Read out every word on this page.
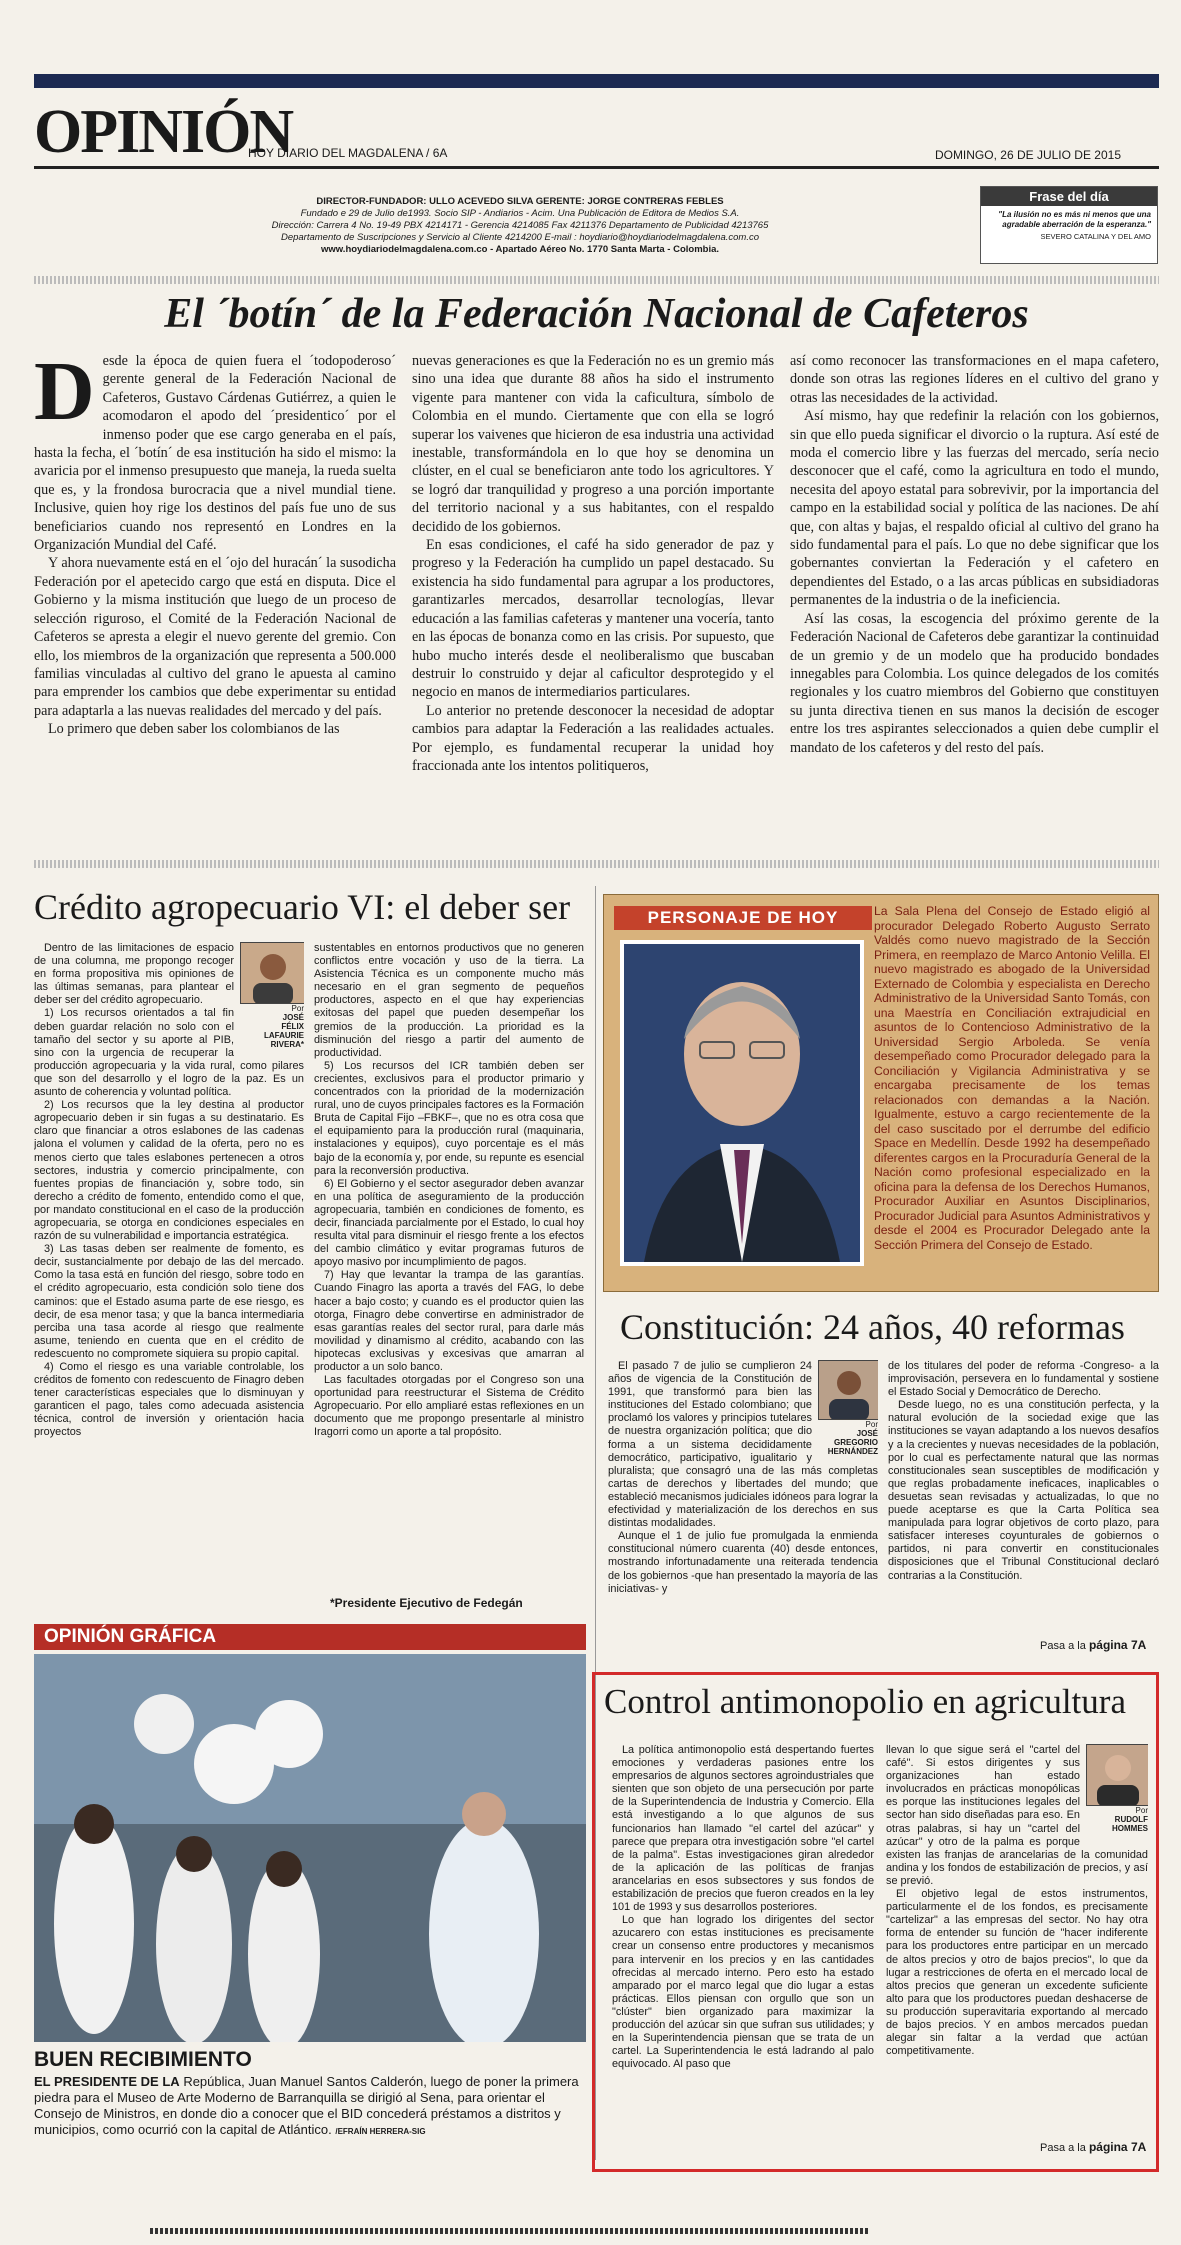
OPINIÓN
HOY DIARIO DEL MAGDALENA / 6A	DOMINGO, 26 DE JULIO DE 2015
DIRECTOR-FUNDADOR: ULLO ACEVEDO SILVA GERENTE: JORGE CONTRERAS FEBLES
Fundado e 29 de Julio de1993. Socio SIP - Andiarios - Acim. Una Publicación de Editora de Medios S.A.
Dirección: Carrera 4 No. 19-49 PBX 4214171 - Gerencia 4214085 Fax 4211376 Departamento de Publicidad 4213765
Departamento de Suscripciones y Servicio al Cliente 4214200 E-mail : hoydiario@hoydiariodelmagdalena.com.co
www.hoydiariodelmagdalena.com.co - Apartado Aéreo No. 1770 Santa Marta - Colombia.
Frase del día
"La ilusión no es más ni menos que una agradable aberración de la esperanza."
SEVERO CATALINA Y DEL AMO
El ´botín´ de la Federación Nacional de Cafeteros

Desde la época de quien fuera el ´todopoderoso´ gerente general de la Federación Nacional de Cafeteros, Gustavo Cárdenas Gutiérrez, a quien le acomodaron el apodo del ´presidentico´ por el inmenso poder que ese cargo generaba en el país, hasta la fecha, el ´botín´ de esa institución ha sido el mismo: la avaricia por el inmenso presupuesto que maneja, la rueda suelta que es, y la frondosa burocracia que a nivel mundial tiene. Inclusive, quien hoy rige los destinos del país fue uno de sus beneficiarios cuando nos representó en Londres en la Organización Mundial del Café.

Y ahora nuevamente está en el ´ojo del huracán´ la susodicha Federación por el apetecido cargo que está en disputa. Dice el Gobierno y la misma institución que luego de un proceso de selección riguroso, el Comité de la Federación Nacional de Cafeteros se apresta a elegir el nuevo gerente del gremio. Con ello, los miembros de la organización que representa a 500.000 familias vinculadas al cultivo del grano le apuesta al camino para emprender los cambios que debe experimentar su entidad para adaptarla a las nuevas realidades del mercado y del país.

Lo primero que deben saber los colombianos de las

nuevas generaciones es que la Federación no es un gremio más sino una idea que durante 88 años ha sido el instrumento vigente para mantener con vida la caficultura, símbolo de Colombia en el mundo. Ciertamente que con ella se logró superar los vaivenes que hicieron de esa industria una actividad inestable, transformándola en lo que hoy se denomina un clúster, en el cual se beneficiaron ante todo los agricultores. Y se logró dar tranquilidad y progreso a una porción importante del territorio nacional y a sus habitantes, con el respaldo decidido de los gobiernos.

En esas condiciones, el café ha sido generador de paz y progreso y la Federación ha cumplido un papel destacado. Su existencia ha sido fundamental para agrupar a los productores, garantizarles mercados, desarrollar tecnologías, llevar educación a las familias cafeteras y mantener una vocería, tanto en las épocas de bonanza como en las crisis. Por supuesto, que hubo mucho interés desde el neoliberalismo que buscaban destruir lo construido y dejar al caficultor desprotegido y el negocio en manos de intermediarios particulares.

Lo anterior no pretende desconocer la necesidad de adoptar cambios para adaptar la Federación a las realidades actuales. Por ejemplo, es fundamental recuperar la unidad hoy fraccionada ante los intentos politiqueros,

así como reconocer las transformaciones en el mapa cafetero, donde son otras las regiones líderes en el cultivo del grano y otras las necesidades de la actividad.

Así mismo, hay que redefinir la relación con los gobiernos, sin que ello pueda significar el divorcio o la ruptura. Así esté de moda el comercio libre y las fuerzas del mercado, sería necio desconocer que el café, como la agricultura en todo el mundo, necesita del apoyo estatal para sobrevivir, por la importancia del campo en la estabilidad social y política de las naciones. De ahí que, con altas y bajas, el respaldo oficial al cultivo del grano ha sido fundamental para el país. Lo que no debe significar que los gobernantes conviertan la Federación y el cafetero en dependientes del Estado, o a las arcas públicas en subsidiadoras permanentes de la industria o de la ineficiencia.

Así las cosas, la escogencia del próximo gerente de la Federación Nacional de Cafeteros debe garantizar la continuidad de un gremio y de un modelo que ha producido bondades innegables para Colombia. Los quince delegados de los comités regionales y los cuatro miembros del Gobierno que constituyen su junta directiva tienen en sus manos la decisión de escoger entre los tres aspirantes seleccionados a quien debe cumplir el mandato de los cafeteros y del resto del país.

Crédito agropecuario VI: el deber ser
Por
JOSÉ
FÉLIX
LAFAURIE
RIVERA*

Dentro de las limitaciones de espacio de una columna, me propongo recoger en forma propositiva mis opiniones de las últimas semanas, para plantear el deber ser del crédito agropecuario.

1) Los recursos orientados a tal fin deben guardar relación no solo con el tamaño del sector y su aporte al PIB, sino con la urgencia de recuperar la producción agropecuaria y la vida rural, como pilares que son del desarrollo y el logro de la paz. Es un asunto de coherencia y voluntad política.

2) Los recursos que la ley destina al productor agropecuario deben ir sin fugas a su destinatario. Es claro que financiar a otros eslabones de las cadenas jalona el volumen y calidad de la oferta, pero no es menos cierto que tales eslabones pertenecen a otros sectores, industria y comercio principalmente, con fuentes propias de financiación y, sobre todo, sin derecho a crédito de fomento, entendido como el que, por mandato constitucional en el caso de la producción agropecuaria, se otorga en condiciones especiales en razón de su vulnerabilidad e importancia estratégica.

3) Las tasas deben ser realmente de fomento, es decir, sustancialmente por debajo de las del mercado. Como la tasa está en función del riesgo, sobre todo en el crédito agropecuario, esta condición solo tiene dos caminos: que el Estado asuma parte de ese riesgo, es decir, de esa menor tasa; y que la banca intermediaria perciba una tasa acorde al riesgo que realmente asume, teniendo en cuenta que en el crédito de redescuento no compromete siquiera su propio capital.

4) Como el riesgo es una variable controlable, los créditos de fomento con redescuento de Finagro deben tener características especiales que lo disminuyan y garanticen el pago, tales como adecuada asistencia técnica, control de inversión y orientación hacia proyectos

sustentables en entornos productivos que no generen conflictos entre vocación y uso de la tierra. La Asistencia Técnica es un componente mucho más necesario en el gran segmento de pequeños productores, aspecto en el que hay experiencias exitosas del papel que pueden desempeñar los gremios de la producción. La prioridad es la disminución del riesgo a partir del aumento de productividad.

5) Los recursos del ICR también deben ser crecientes, exclusivos para el productor primario y concentrados con la prioridad de la modernización rural, uno de cuyos principales factores es la Formación Bruta de Capital Fijo –FBKF–, que no es otra cosa que el equipamiento para la producción rural (maquinaria, instalaciones y equipos), cuyo porcentaje es el más bajo de la economía y, por ende, su repunte es esencial para la reconversión productiva.

6) El Gobierno y el sector asegurador deben avanzar en una política de aseguramiento de la producción agropecuaria, también en condiciones de fomento, es decir, financiada parcialmente por el Estado, lo cual hoy resulta vital para disminuir el riesgo frente a los efectos del cambio climático y evitar programas futuros de apoyo masivo por incumplimiento de pagos.

7) Hay que levantar la trampa de las garantías. Cuando Finagro las aporta a través del FAG, lo debe hacer a bajo costo; y cuando es el productor quien las otorga, Finagro debe convertirse en administrador de esas garantías reales del sector rural, para darle más movilidad y dinamismo al crédito, acabando con las hipotecas exclusivas y excesivas que amarran al productor a un solo banco.

Las facultades otorgadas por el Congreso son una oportunidad para reestructurar el Sistema de Crédito Agropecuario. Por ello ampliaré estas reflexiones en un documento que me propongo presentarle al ministro Iragorri como un aporte a tal propósito.

*Presidente Ejecutivo de Fedegán
PERSONAJE DE HOY	La Sala Plena del Consejo de Estado eligió al procurador Delegado Roberto Augusto Serrato Valdés como nuevo magistrado de la Sección Primera, en reemplazo de Marco Antonio Velilla. El nuevo magistrado es abogado de la Universidad Externado de Colombia y especialista en Derecho Administrativo de la Universidad Santo Tomás, con una Maestría en Conciliación extrajudicial en asuntos de lo Contencioso Administrativo de la Universidad Sergio Arboleda. Se venía desempeñado como Procurador delegado para la Conciliación y Vigilancia Administrativa y se encargaba precisamente de los temas relacionados con demandas a la Nación. Igualmente, estuvo a cargo recientemente de la del caso suscitado por el derrumbe del edificio Space en Medellín. Desde 1992 ha desempeñado diferentes cargos en la Procuraduría General de la Nación como profesional especializado en la oficina para la defensa de los Derechos Humanos, Procurador Auxiliar en Asuntos Disciplinarios, Procurador Judicial para Asuntos Administrativos y desde el 2004 es Procurador Delegado ante la Sección Primera del Consejo de Estado.
Constitución: 24 años, 40 reformas
Por
JOSÉ
GREGORIO
HERNÁNDEZ

El pasado 7 de julio se cumplieron 24 años de vigencia de la Constitución de 1991, que transformó para bien las instituciones del Estado colombiano; que proclamó los valores y principios tutelares de nuestra organización política; que dio forma a un sistema decididamente democrático, participativo, igualitario y pluralista; que consagró una de las más completas cartas de derechos y libertades del mundo; que estableció mecanismos judiciales idóneos para lograr la efectividad y materialización de los derechos en sus distintas modalidades.

Aunque el 1 de julio fue promulgada la enmienda constitucional número cuarenta (40) desde entonces, mostrando infortunadamente una reiterada tendencia de los gobiernos -que han presentado la mayoría de las iniciativas- y

de los titulares del poder de reforma -Congreso- a la improvisación, persevera en lo fundamental y sostiene el Estado Social y Democrático de Derecho.

Desde luego, no es una constitución perfecta, y la natural evolución de la sociedad exige que las instituciones se vayan adaptando a los nuevos desafíos y a la crecientes y nuevas necesidades de la población, por lo cual es perfectamente natural que las normas constitucionales sean susceptibles de modificación y que reglas probadamente ineficaces, inaplicables o desuetas sean revisadas y actualizadas, lo que no puede aceptarse es que la Carta Política sea manipulada para lograr objetivos de corto plazo, para satisfacer intereses coyunturales de gobiernos o partidos, ni para convertir en constitucionales disposiciones que el Tribunal Constitucional declaró contrarias a la Constitución.

Pasa a la página 7A
OPINIÓN GRÁFICA
BUEN RECIBIMIENTO
EL PRESIDENTE DE LA República, Juan Manuel Santos Calderón, luego de poner la primera piedra para el Museo de Arte Moderno de Barranquilla se dirigió al Sena, para orientar el Consejo de Ministros, en donde dio a conocer que el BID concederá préstamos a distritos y municipios, como ocurrió con la capital de Atlántico. /EFRAÍN HERRERA-SIG
Control antimonopolio en agricultura

La política antimonopolio está despertando fuertes emociones y verdaderas pasiones entre los empresarios de algunos sectores agroindustriales que sienten que son objeto de una persecución por parte de la Superintendencia de Industria y Comercio. Ella está investigando a lo que algunos de sus funcionarios han llamado "el cartel del azúcar" y parece que prepara otra investigación sobre "el cartel de la palma". Estas investigaciones giran alrededor de la aplicación de las políticas de franjas arancelarias en esos subsectores y sus fondos de estabilización de precios que fueron creados en la ley 101 de 1993 y sus desarrollos posteriores.

Lo que han logrado los dirigentes del sector azucarero con estas instituciones es precisamente crear un consenso entre productores y mecanismos para intervenir en los precios y en las cantidades ofrecidas al mercado interno. Pero esto ha estado amparado por el marco legal que dio lugar a estas prácticas. Ellos piensan con orgullo que son un "clúster" bien organizado para maximizar la producción del azúcar sin que sufran sus utilidades; y en la Superintendencia piensan que se trata de un cartel. La Superintendencia le está ladrando al palo equivocado. Al paso que

Por
RUDOLF
HOMMES

llevan lo que sigue será el "cartel del café". Si estos dirigentes y sus organizaciones han estado involucrados en prácticas monopólicas es porque las instituciones legales del sector han sido diseñadas para eso. En otras palabras, si hay un "cartel del azúcar" y otro de la palma es porque existen las franjas de arancelarias de la comunidad andina y los fondos de estabilización de precios, y así se previó.

El objetivo legal de estos instrumentos, particularmente el de los fondos, es precisamente "cartelizar" a las empresas del sector. No hay otra forma de entender su función de "hacer indiferente para los productores entre participar en un mercado de altos precios y otro de bajos precios", lo que da lugar a restricciones de oferta en el mercado local de altos precios que generan un excedente suficiente alto para que los productores puedan deshacerse de su producción superavitaria exportando al mercado de bajos precios. Y en ambos mercados puedan alegar sin faltar a la verdad que actúan competitivamente.

Pasa a la página 7A
